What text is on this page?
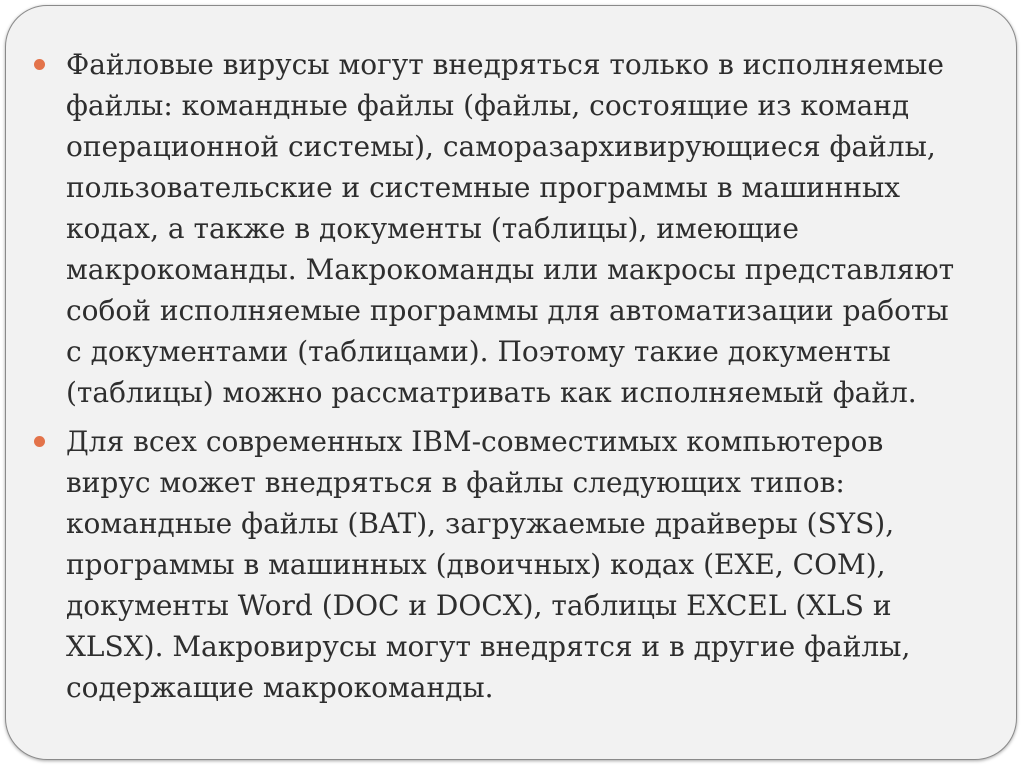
Файловые вирусы могут внедряться только в исполняемые
файлы: командные файлы (файлы, состоящие из команд
операционной системы), саморазархивирующиеся файлы,
пользовательские и системные программы в машинных
кодах, а также в документы (таблицы), имеющие
макрокоманды. Макрокоманды или макросы представляют
собой исполняемые программы для автоматизации работы
с документами (таблицами). Поэтому такие документы
(таблицы) можно рассматривать как исполняемый файл.
Для всех современных IBM-совместимых компьютеров
вирус может внедряться в файлы следующих типов:
командные файлы (BAT), загружаемые драйверы (SYS),
программы в машинных (двоичных) кодах (EXE, COM),
документы Word (DOC и DOCX), таблицы EXCEL (XLS и
XLSX). Макровирусы могут внедрятся и в другие файлы,
содержащие макрокоманды.
